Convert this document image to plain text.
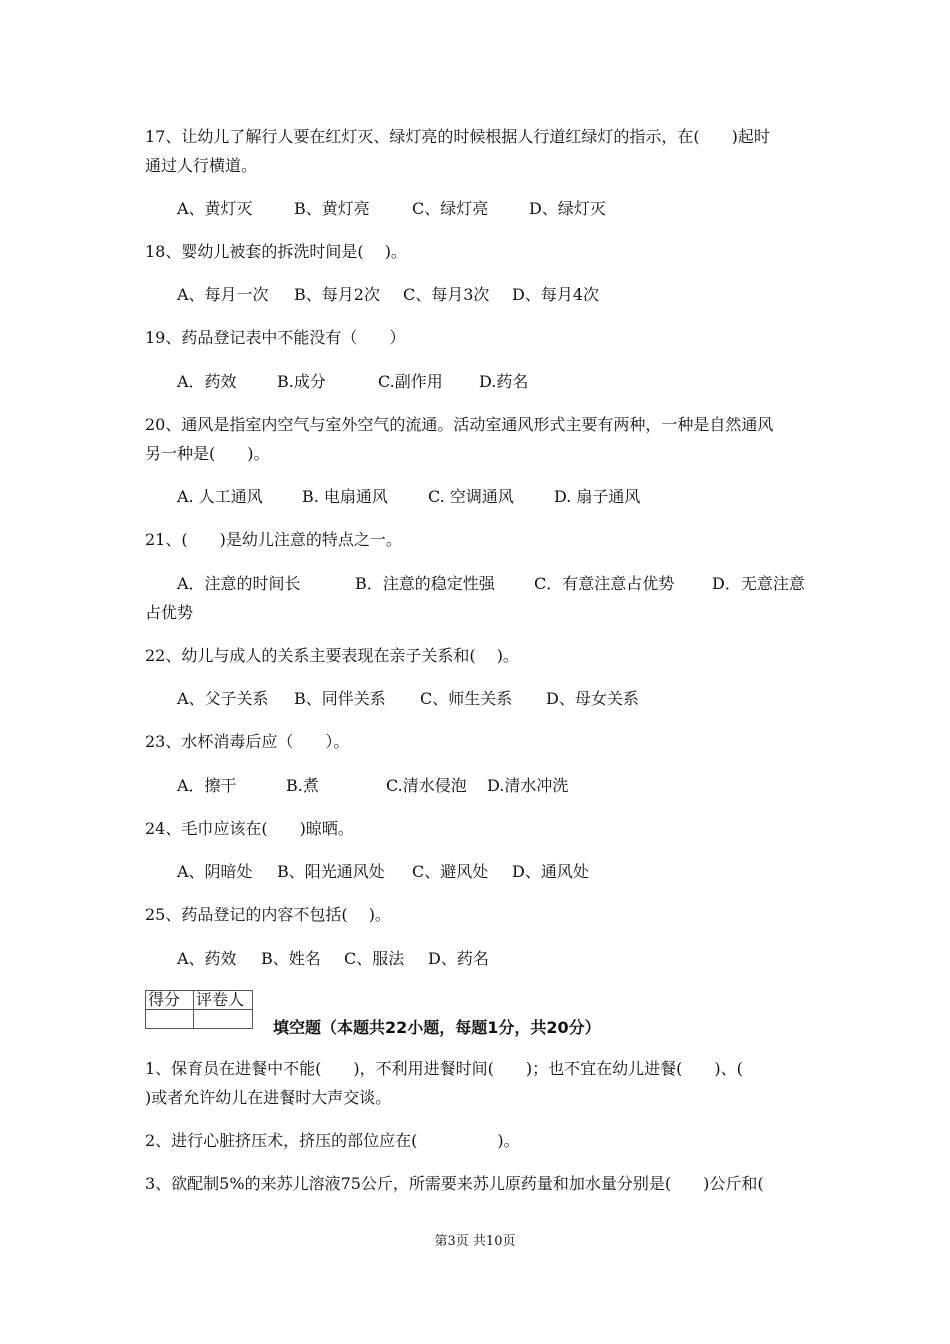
17、让幼儿了解行人要在红灯灭、绿灯亮的时候根据人行道红绿灯的指示，在(　　)起时
通过人行横道。
A、黄灯灭	B、黄灯亮	C、绿灯亮	D、绿灯灭
18、婴幼儿被套的拆洗时间是(　 )。
A、每月一次 B、每月2次 C、每月3次 D、每月4次
19、药品登记表中不能没有（　　）
A．药效	B.成分	C.副作用 D.药名
20、通风是指室内空气与室外空气的流通。活动室通风形式主要有两种，一种是自然通风
另一种是(　　)。
A. 人工通风 B. 电扇通风	C. 空调通风	D. 扇子通风
21、(　　)是幼儿注意的特点之一。
A．注意的时间长	B．注意的稳定性强 C．有意注意占优势 D．无意注意
占优势
22、幼儿与成人的关系主要表现在亲子关系和(　 )。
A、父子关系 B、同伴关系 C、师生关系 D、母女关系
23、水杯消毒后应（　　）。
A．擦干	B.煮	C.清水侵泡 D.清水冲洗
24、毛巾应该在(　　)晾晒。
A、阴暗处 B、阳光通风处 C、避风处 D、通风处
25、药品登记的内容不包括(　 )。
A、药效 B、姓名 C、服法 D、药名
得分	评卷人

填空题（本题共22小题，每题1分，共20分）
1、保育员在进餐中不能(　　)，不利用进餐时间(　　)；也不宜在幼儿进餐(　　)、(
)或者允许幼儿在进餐时大声交谈。
2、进行心脏挤压术，挤压的部位应在(　　　　　)。
3、欲配制5%的来苏儿溶液75公斤，所需要来苏儿原药量和加水量分别是(　　)公斤和(
第3页 共10页
